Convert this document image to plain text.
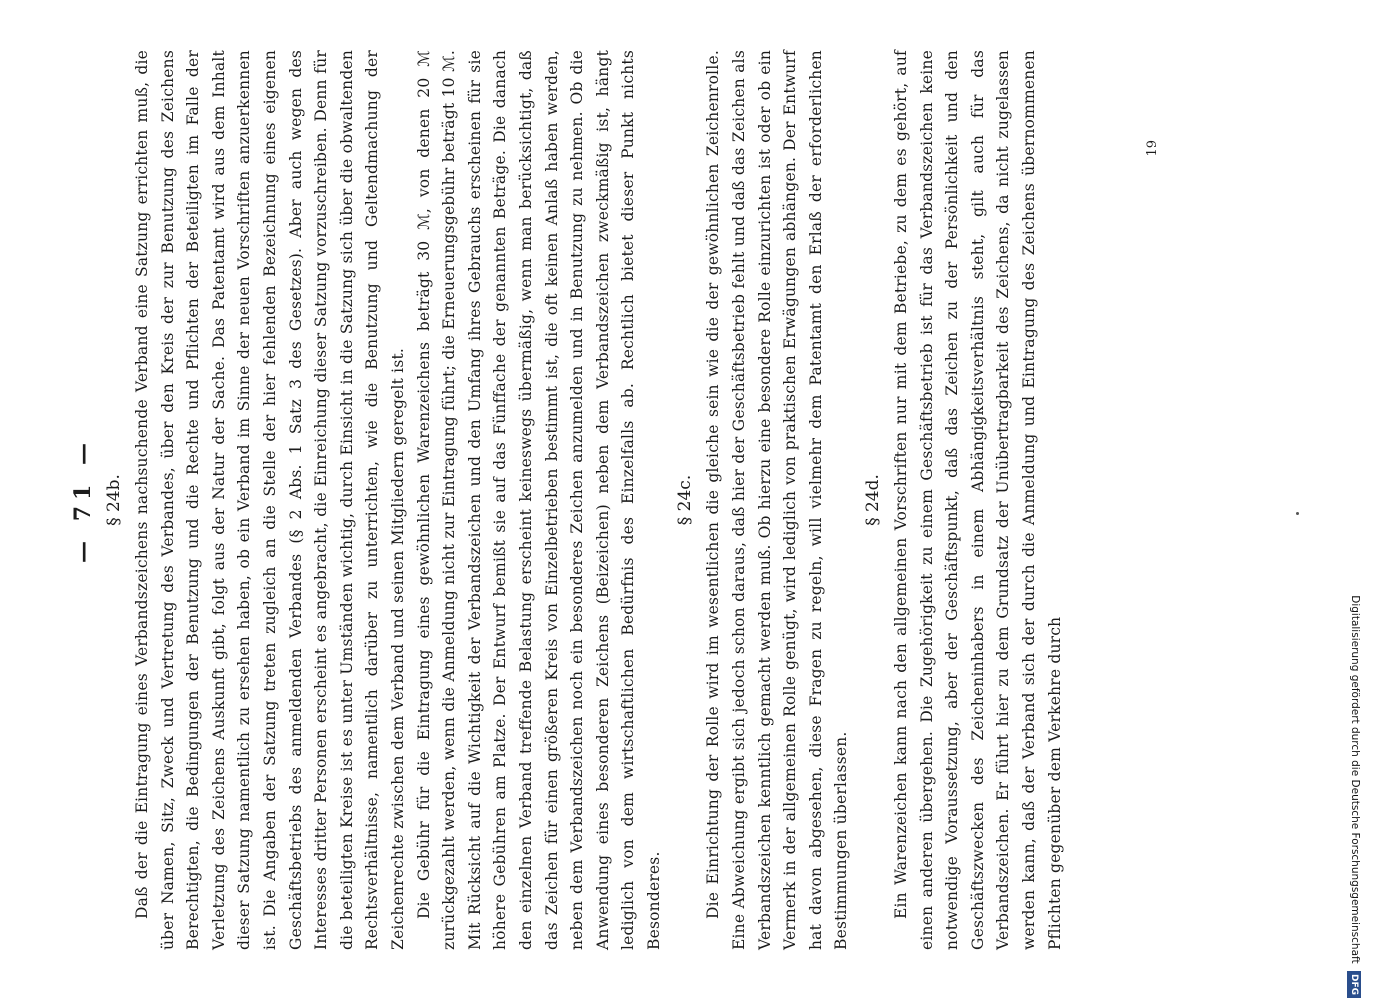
— 71 — § 24b. Daß der die Eintragung eines Verbandszeichens nachsuchende Verband eine Satzung errichten muß, die über Namen, Sitz, Zweck und Vertretung des Verbandes, über den Kreis der zur Benutzung des Zeichens Berechtigten, die Bedingungen der Benutzung und die Rechte und Pflichten der Beteiligten im Falle der Verletzung des Zeichens Auskunft gibt, folgt aus der Natur der Sache. Das Patentamt wird aus dem Inhalt dieser Satzung namentlich zu ersehen haben, ob ein Verband im Sinne der neuen Vorschriften anzuerkennen ist. Die Angaben der Satzung treten zugleich an die Stelle der hier fehlenden Bezeichnung eines eigenen Geschäftsbetriebs des anmeldenden Verbandes (§ 2 Abs. 1 Satz 3 des Gesetzes). Aber auch wegen des Interesses dritter Personen erscheint es angebracht, die Einreichung dieser Satzung vorzuschreiben. Denn für die beteiligten Kreise ist es unter Umständen wichtig, durch Einsicht in die Satzung sich über die obwaltenden Rechtsverhältnisse, namentlich darüber zu unterrichten, wie die Benutzung und Geltendmachung der Zeichenrechte zwischen dem Verband und seinen Mitgliedern geregelt ist. Die Gebühr für die Eintragung eines gewöhnlichen Warenzeichens beträgt 30 ℳ, von denen 20 ℳ zurückgezahlt werden, wenn die Anmeldung nicht zur Eintragung führt; die Erneuerungsgebühr beträgt 10 ℳ. Mit Rücksicht auf die Wichtigkeit der Verbandszeichen und den Umfang ihres Gebrauchs erscheinen für sie höhere Gebühren am Platze. Der Entwurf bemißt sie auf das Fünffache der genannten Beträge. Die danach den einzelnen Verband treffende Belastung erscheint keineswegs übermäßig, wenn man berücksichtigt, daß das Zeichen für einen größeren Kreis von Einzelbetrieben bestimmt ist, die oft keinen Anlaß haben werden, neben dem Verbandszeichen noch ein besonderes Zeichen anzumelden und in Benutzung zu nehmen. Ob die Anwendung eines besonderen Zeichens (Beizeichen) neben dem Verbandszeichen zweckmäßig ist, hängt lediglich von dem wirtschaftlichen Bedürfnis des Einzelfalls ab. Rechtlich bietet dieser Punkt nichts Besonderes.

§ 24c. Die Einrichtung der Rolle wird im wesentlichen die gleiche sein wie die der gewöhnlichen Zeichenrolle. Eine Abweichung ergibt sich jedoch schon daraus, daß hier der Geschäftsbetrieb fehlt und daß das Zeichen als Verbandszeichen kenntlich gemacht werden muß. Ob hierzu eine besondere Rolle einzurichten ist oder ob ein Vermerk in der allgemeinen Rolle genügt, wird lediglich von praktischen Erwägungen abhängen. Der Entwurf hat davon abgesehen, diese Fragen zu regeln, will vielmehr dem Patentamt den Erlaß der erforderlichen Bestimmungen überlassen.

§ 24d. Ein Warenzeichen kann nach den allgemeinen Vorschriften nur mit dem Betriebe, zu dem es gehört, auf einen anderen übergehen. Die Zugehörigkeit zu einem Geschäftsbetrieb ist für das Verbandszeichen keine notwendige Voraussetzung, aber der Geschäftspunkt, daß das Zeichen zu der Persönlichkeit und den Geschäftszwecken des Zeicheninhabers in einem Abhängigkeitsverhältnis steht, gilt auch für das Verbandszeichen. Er führt hier zu dem Grundsatz der Unübertragbarkeit des Zeichens, da nicht zugelassen werden kann, daß der Verband sich der durch die Anmeldung und Eintragung des Zeichens übernommenen Pflichten gegenüber dem Verkehre durch

19
Digitalisierung gefördert durch die Deutsche Forschungsgemeinschaft DFG
